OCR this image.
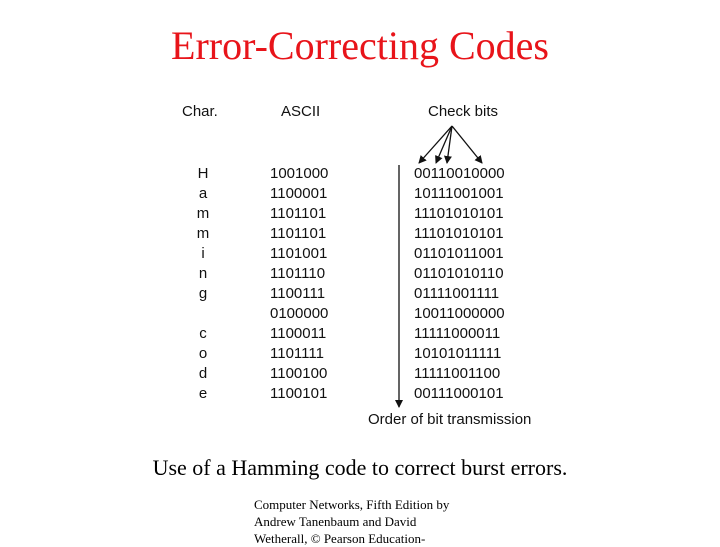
Error-Correcting Codes
Char.	ASCII	Check bits
H
a
m
m
i
n
g
c
o
d
e
1001000
1100001
1101101
1101101
1101001
1101110
1100111
0100000
1100011
1101111
1100100
1100101
00110010000
10111001001
11101010101
11101010101
01101011001
01101010110
01111001111
10011000000
11111000011
10101011111
11111001100
00111000101
Order of bit transmission
Use of a Hamming code to correct burst errors.
Computer Networks, Fifth Edition by
Andrew Tanenbaum and David
Wetherall, © Pearson Education-
